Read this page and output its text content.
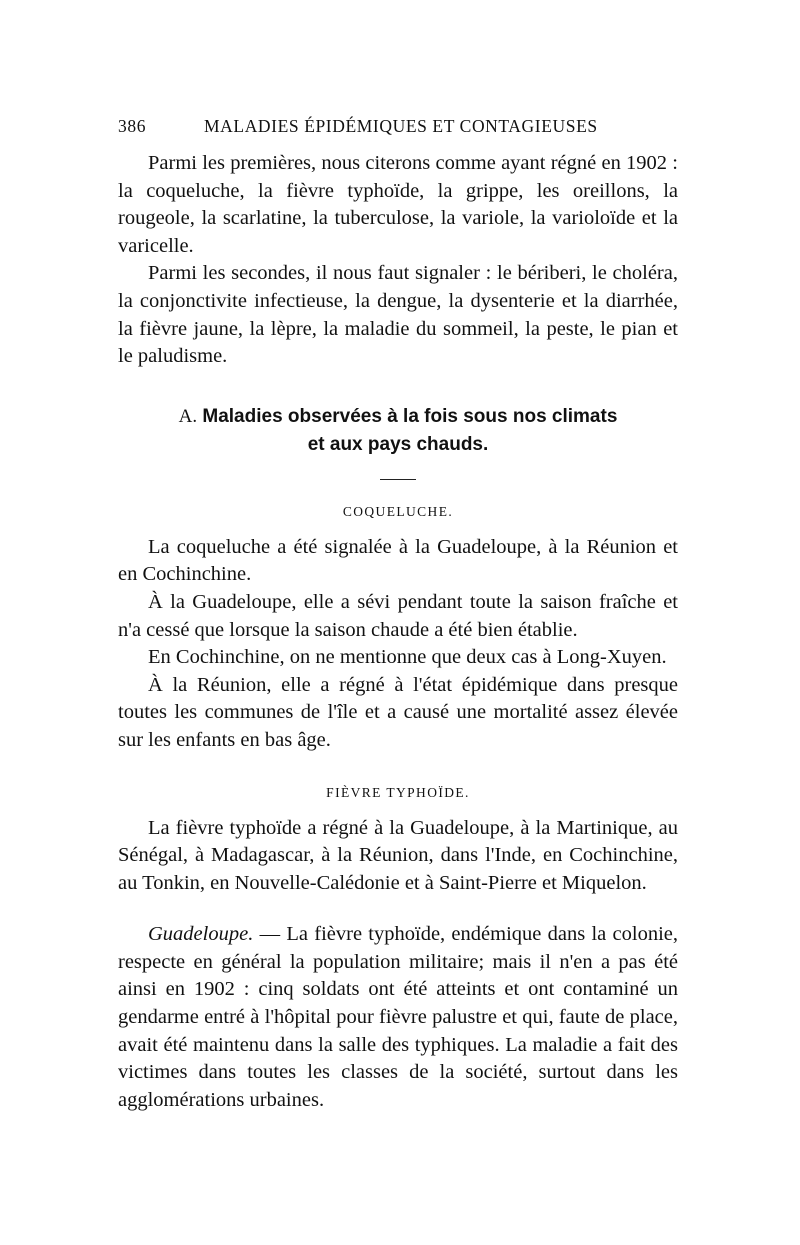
386	MALADIES ÉPIDÉMIQUES ET CONTAGIEUSES

Parmi les premières, nous citerons comme ayant régné en 1902 : la coqueluche, la fièvre typhoïde, la grippe, les oreillons, la rougeole, la scarlatine, la tuberculose, la variole, la varioloïde et la varicelle.

Parmi les secondes, il nous faut signaler : le bériberi, le choléra, la conjonctivite infectieuse, la dengue, la dysenterie et la diarrhée, la fièvre jaune, la lèpre, la maladie du sommeil, la peste, le pian et le paludisme.

A. Maladies observées à la fois sous nos climats
et aux pays chauds.
COQUELUCHE.

La coqueluche a été signalée à la Guadeloupe, à la Réunion et en Cochinchine.

À la Guadeloupe, elle a sévi pendant toute la saison fraîche et n'a cessé que lorsque la saison chaude a été bien établie.

En Cochinchine, on ne mentionne que deux cas à Long-Xuyen.

À la Réunion, elle a régné à l'état épidémique dans presque toutes les communes de l'île et a causé une mortalité assez élevée sur les enfants en bas âge.

FIÈVRE TYPHOÏDE.

La fièvre typhoïde a régné à la Guadeloupe, à la Martinique, au Sénégal, à Madagascar, à la Réunion, dans l'Inde, en Cochinchine, au Tonkin, en Nouvelle-Calédonie et à Saint-Pierre et Miquelon.

Guadeloupe. — La fièvre typhoïde, endémique dans la colonie, respecte en général la population militaire; mais il n'en a pas été ainsi en 1902 : cinq soldats ont été atteints et ont contaminé un gendarme entré à l'hôpital pour fièvre palustre et qui, faute de place, avait été maintenu dans la salle des typhiques. La maladie a fait des victimes dans toutes les classes de la société, surtout dans les agglomérations urbaines.
